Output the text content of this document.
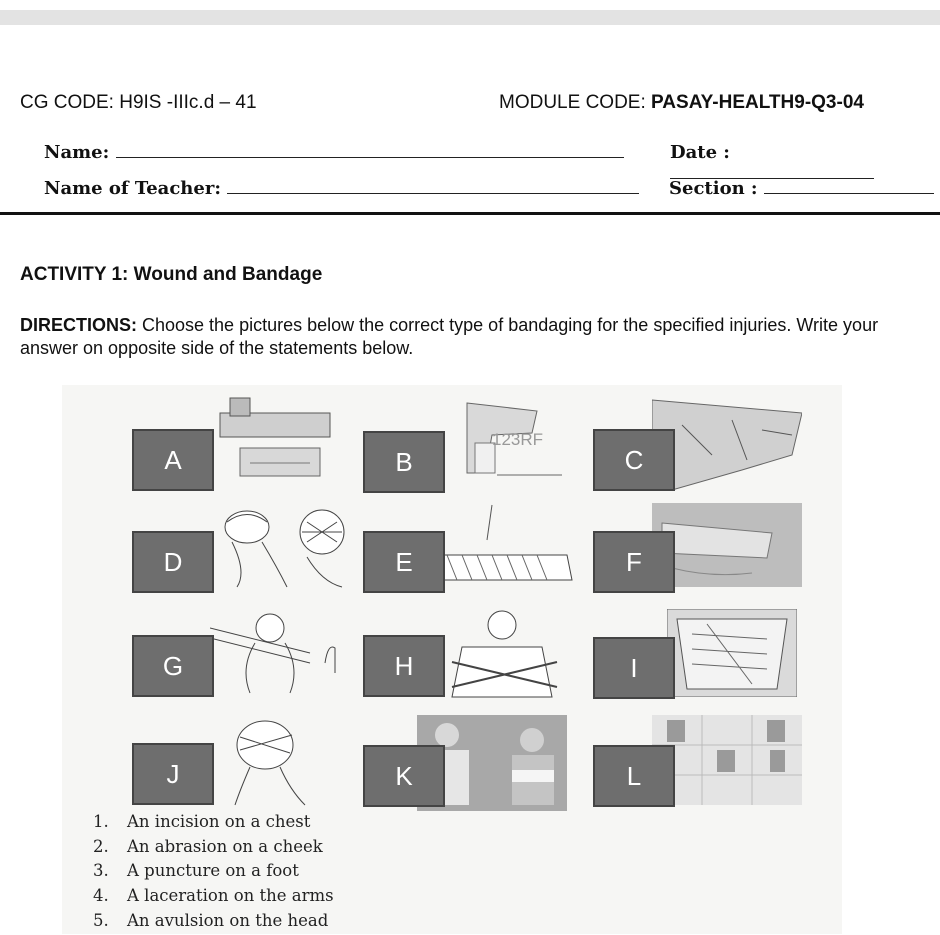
CG CODE: H9IS -IIIc.d – 41	MODULE CODE: PASAY-HEALTH9-Q3-04
Name:	Date :
Name of Teacher:	Section :
ACTIVITY 1: Wound and Bandage
DIRECTIONS: Choose the pictures below the correct type of bandaging for the specified injuries. Write your answer on opposite side of the statements below.
A
123RF
B	C
D	E	F
G	H	I
J	K	L
1. An incision on a chest
2. An abrasion on a cheek
3. A puncture on a foot
4. A laceration on the arms
5. An avulsion on the head
